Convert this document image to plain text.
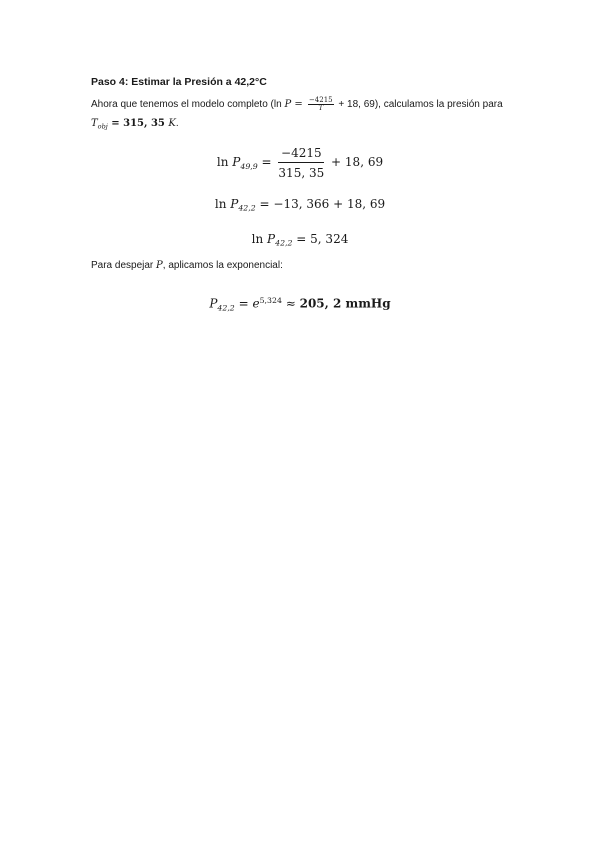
Paso 4: Estimar la Presión a 42,2°C
Ahora que tenemos el modelo completo (ln $P = \frac{-4215}{T} + 18$, 69), calculamos la presión para
$T_{obj} = 315$, 35 K.
$\ln P_{49,9} = \frac{-4215}{315, 35} + 18$, 69
$\ln P_{42,2} = -13$, 366 + 18, 69
$\ln P_{42,2} = 5$, 324
Para despejar P, aplicamos la exponencial:
$P_{42,2} = e^{5,324} \approx 205$, 2 mmHg
